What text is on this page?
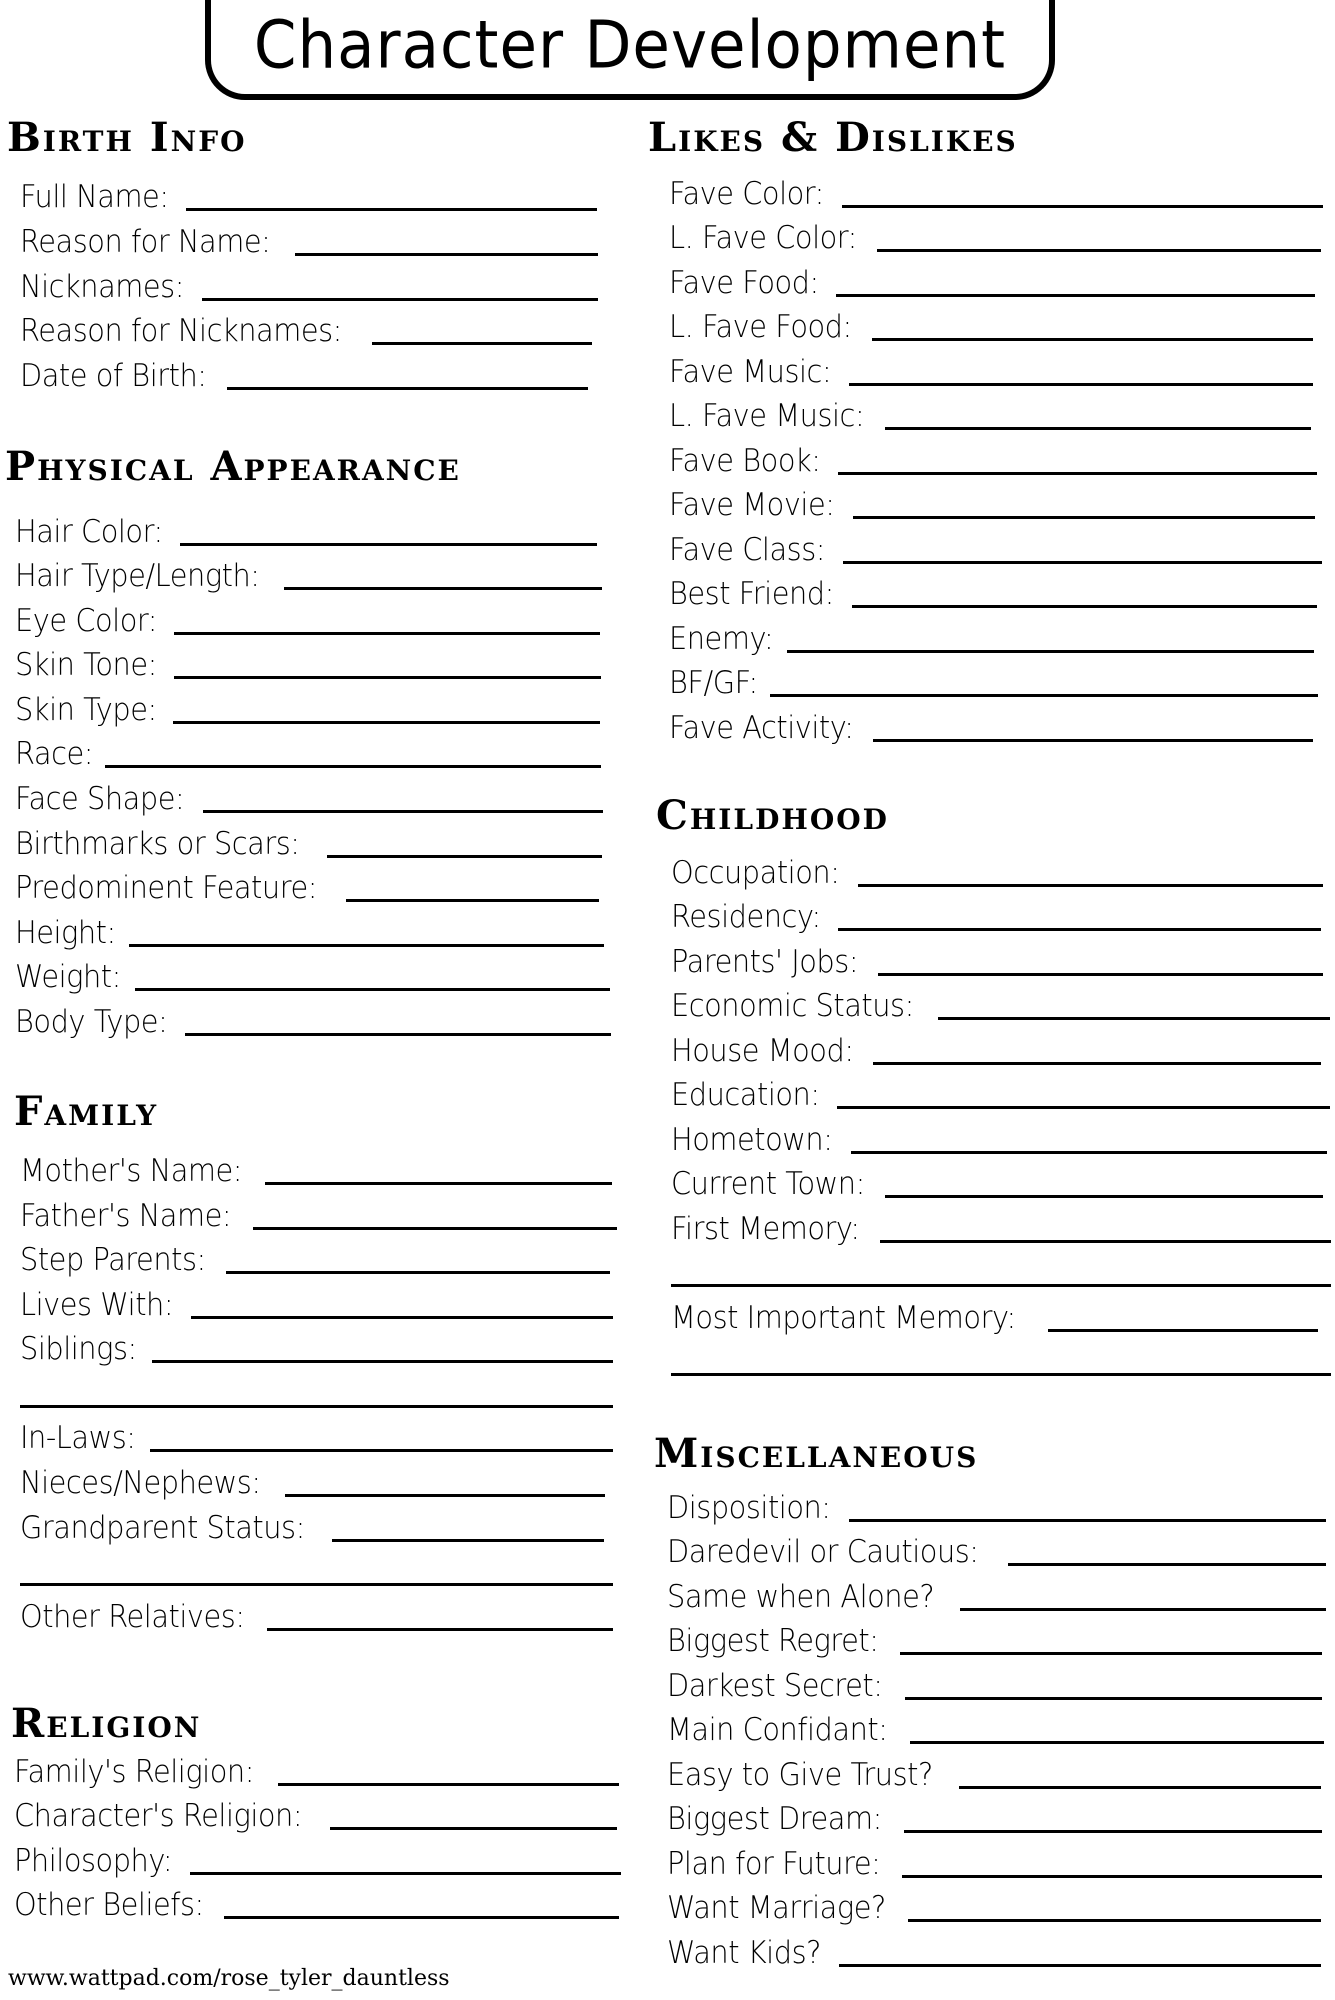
Character Development
Birth Info
Full Name:
Reason for Name:
Nicknames:
Reason for Nicknames:
Date of Birth:
Physical Appearance
Hair Color:
Hair Type/Length:
Eye Color:
Skin Tone:
Skin Type:
Race:
Face Shape:
Birthmarks or Scars:
Predominent Feature:
Height:
Weight:
Body Type:
Family
Mother's Name:
Father's Name:
Step Parents:
Lives With:
Siblings:
In-Laws:
Nieces/Nephews:
Grandparent Status:
Other Relatives:
Religion
Family's Religion:
Character's Religion:
Philosophy:
Other Beliefs:
www.wattpad.com/rose_tyler_dauntless
Likes & Dislikes
Fave Color:
L. Fave Color:
Fave Food:
L. Fave Food:
Fave Music:
L. Fave Music:
Fave Book:
Fave Movie:
Fave Class:
Best Friend:
Enemy:
BF/GF:
Fave Activity:
Childhood
Occupation:
Residency:
Parents' Jobs:
Economic Status:
House Mood:
Education:
Hometown:
Current Town:
First Memory:
Most Important Memory:
Miscellaneous
Disposition:
Daredevil or Cautious:
Same when Alone?
Biggest Regret:
Darkest Secret:
Main Confidant:
Easy to Give Trust?
Biggest Dream:
Plan for Future:
Want Marriage?
Want Kids?
